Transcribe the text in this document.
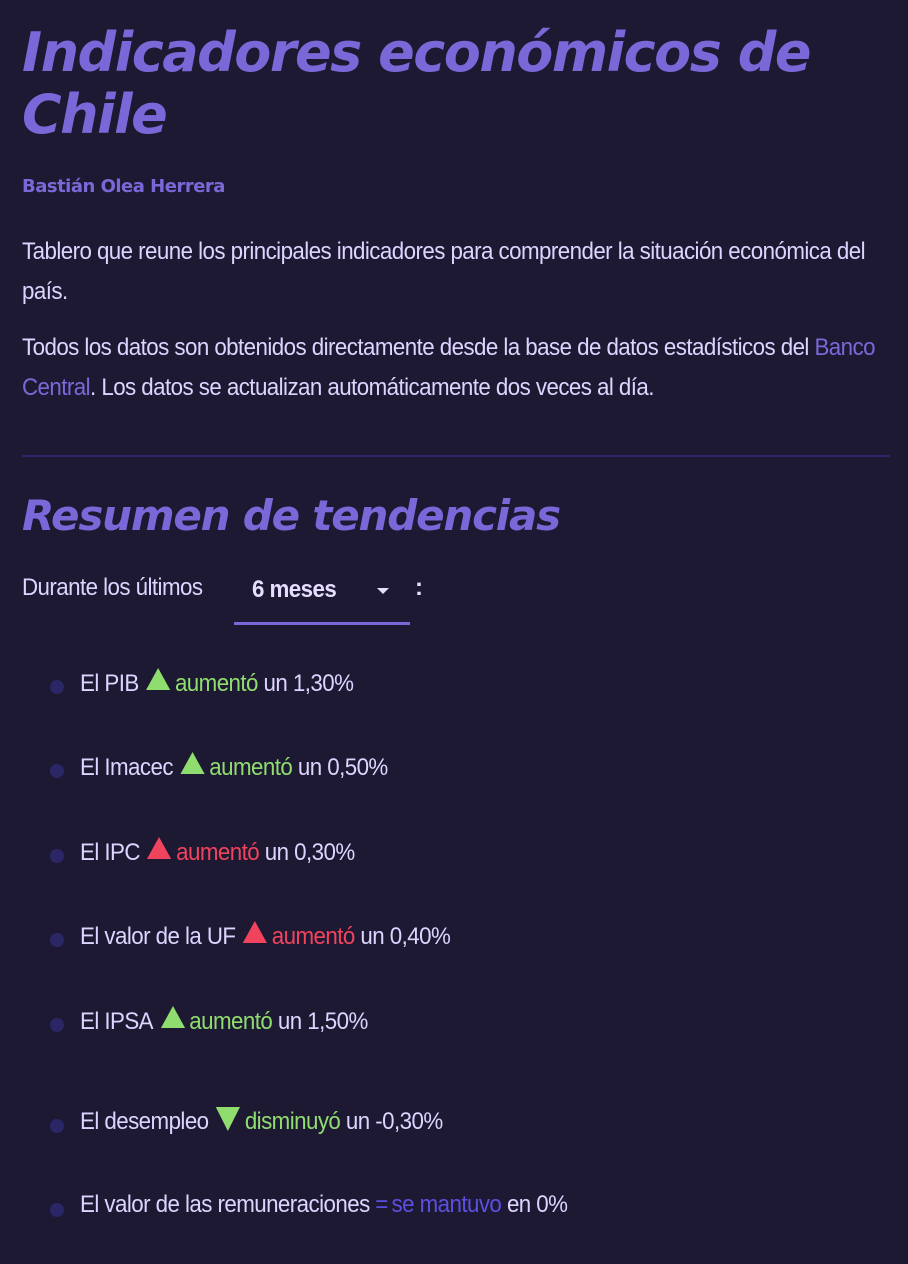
Indicadores económicos de Chile
Bastián Olea Herrera
Tablero que reune los principales indicadores para comprender la situación económica del país.
Todos los datos son obtenidos directamente desde la base de datos estadísticos del Banco Central. Los datos se actualizan automáticamente dos veces al día.
Resumen de tendencias
Durante los últimos 6 meses	:
El PIB aumentó un 1,30%
El Imacec aumentó un 0,50%
El IPC aumentó un 0,30%
El valor de la UF aumentó un 0,40%
El IPSA aumentó un 1,50%
El desempleo disminuyó un -0,30%
El valor de las remuneraciones = se mantuvo en 0%
